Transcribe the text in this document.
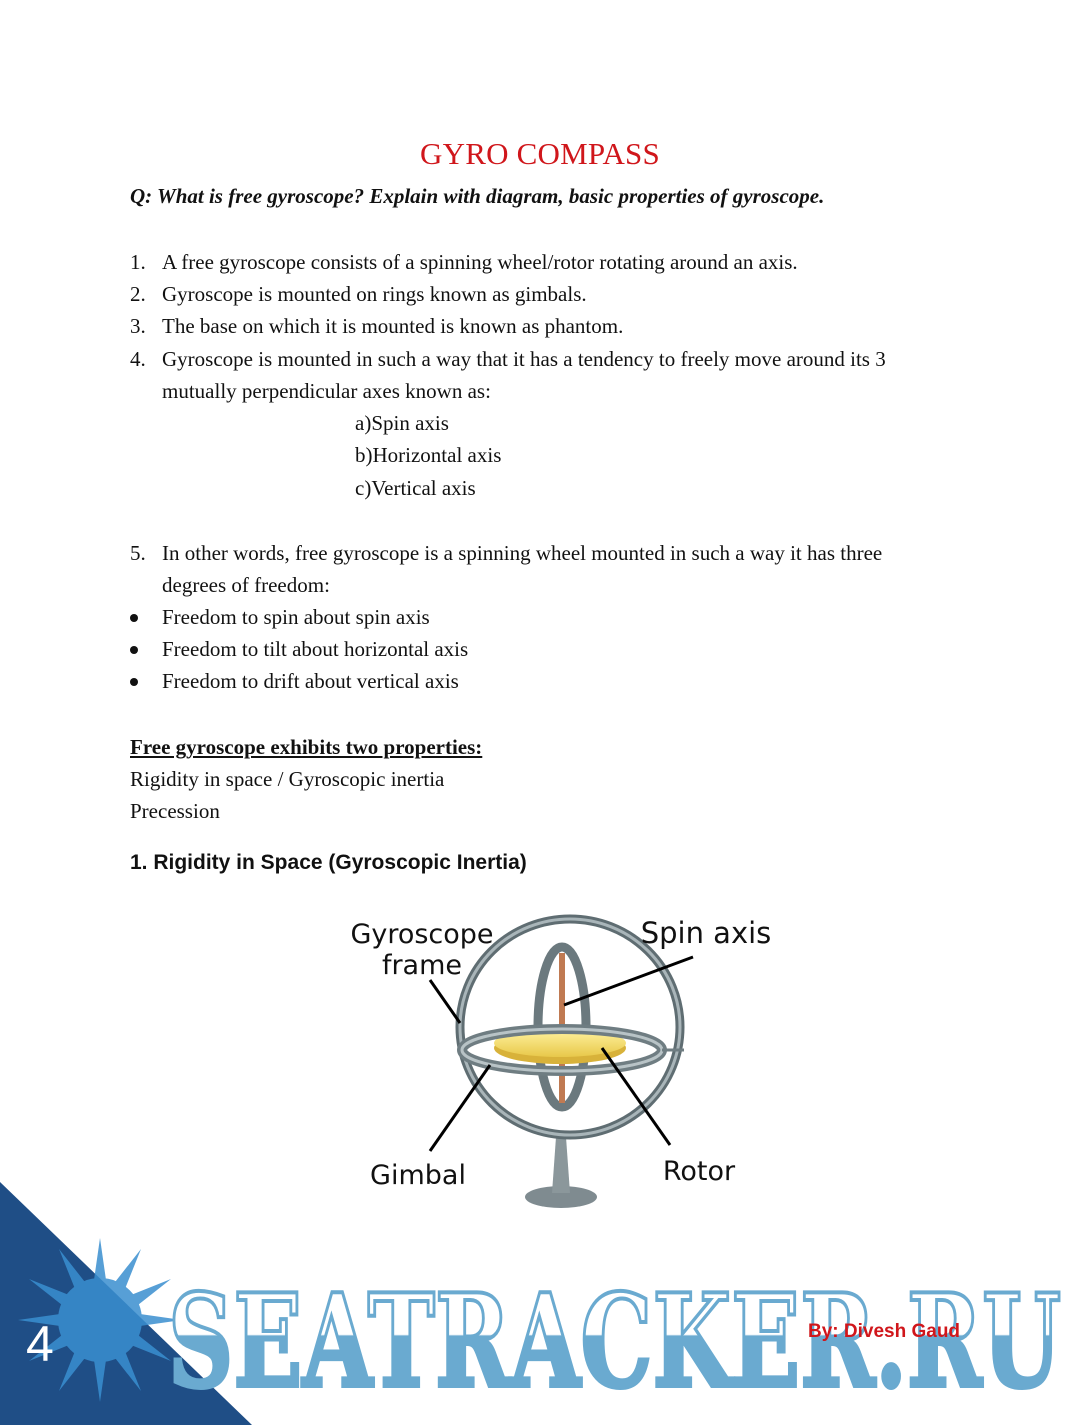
GYRO COMPASS
Q: What is free gyroscope? Explain with diagram, basic properties of gyroscope.
1. A free gyroscope consists of a spinning wheel/rotor rotating around an axis.
2. Gyroscope is mounted on rings known as gimbals.
3. The base on which it is mounted is known as phantom.
4. Gyroscope is mounted in such a way that it has a tendency to freely move around its 3
mutually perpendicular axes known as:
a)Spin axis
b)Horizontal axis
c)Vertical axis
5. In other words, free gyroscope is a spinning wheel mounted in such a way it has three
degrees of freedom:
Freedom to spin about spin axis
Freedom to tilt about horizontal axis
Freedom to drift about vertical axis
Free gyroscope exhibits two properties:
Rigidity in space / Gyroscopic inertia
Precession
1. Rigidity in Space (Gyroscopic Inertia)
Gyroscope
frame
Spin axis
Gimbal	Rotor
4 SEATRACKER.RU
By: Divesh Gaud
